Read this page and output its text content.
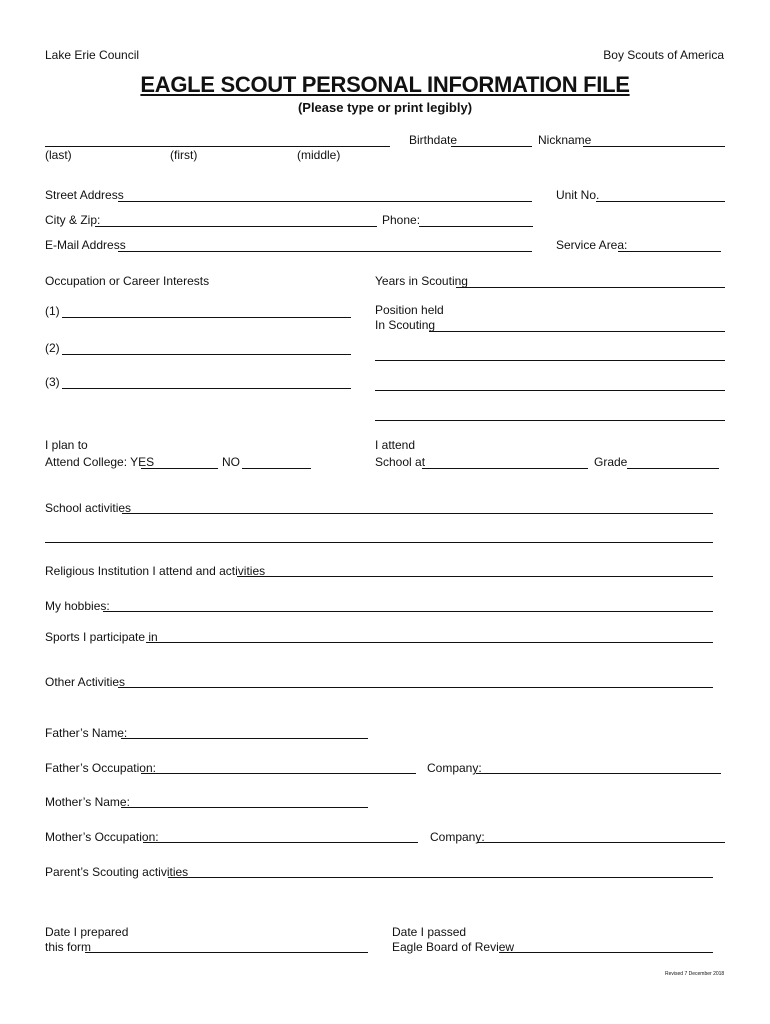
Lake Erie Council	Boy Scouts of America
EAGLE SCOUT PERSONAL INFORMATION FILE
(Please type or print legibly)
(last)	(first)	(middle)
Birthdate	Nickname
Street Address	Unit No.
City & Zip:	Phone:
E-Mail Address	Service Area:
Occupation or Career Interests
(1)
(2)
(3)
Years in Scouting
Position held
In Scouting
I plan to
Attend College: YES	NO
I attend
School at	Grade
School activities
Religious Institution I attend and activities
My hobbies:
Sports I participate in
Other Activities
Father’s Name:
Father’s Occupation:	Company:
Mother’s Name:
Mother’s Occupation:	Company:
Parent’s Scouting activities
Date I prepared
this form
Date I passed
Eagle Board of Review
Revised 7 December 2018
